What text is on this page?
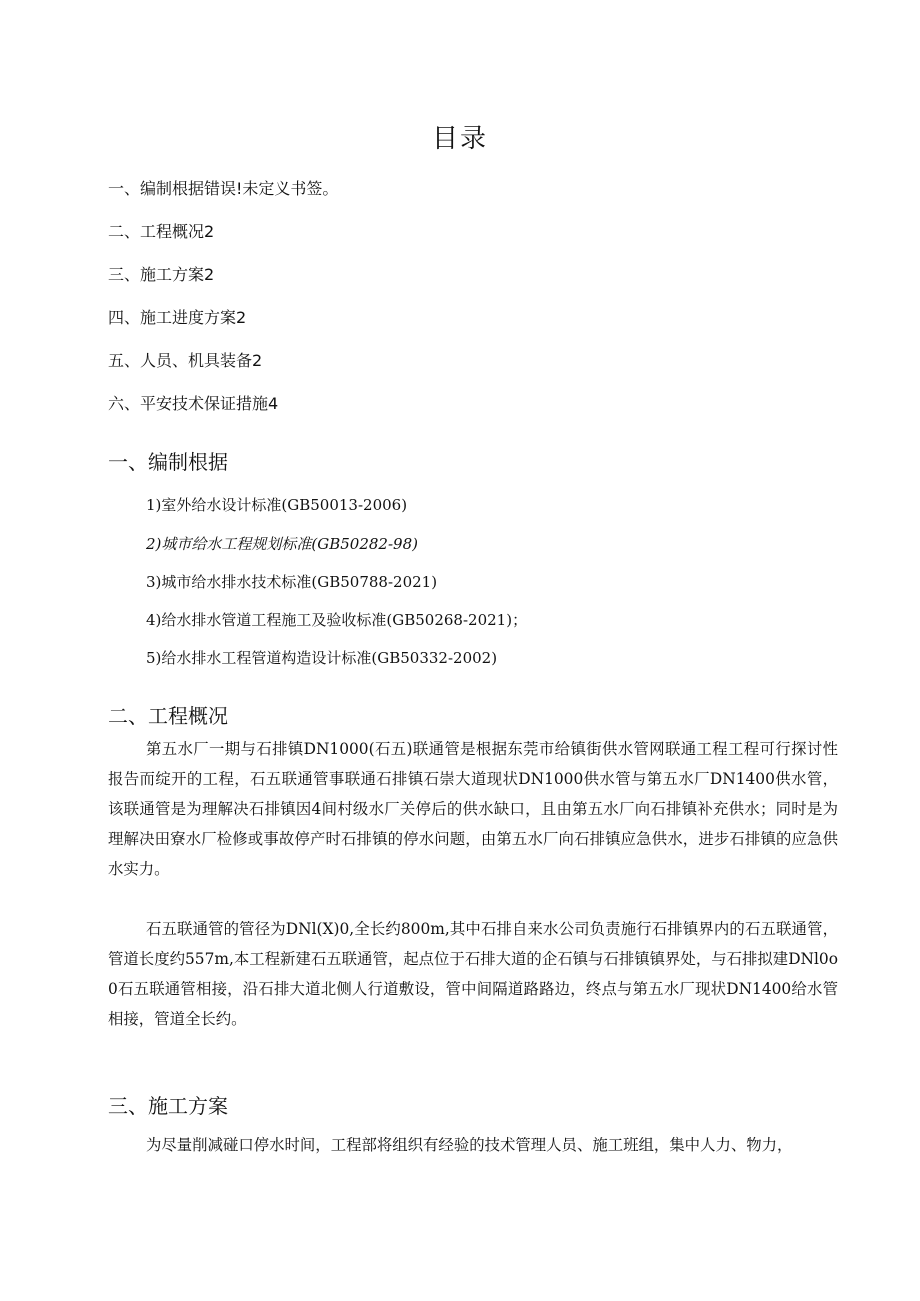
目录
一、编制根据错误!未定义书签。
二、工程概况2
三、施工方案2
四、施工进度方案2
五、人员、机具装备2
六、平安技术保证措施4
一、编制根据
1)室外给水设计标准(GB50013-2006)
2)城市给水工程规划标准(GB50282-98)
3)城市给水排水技术标准(GB50788-2021)
4)给水排水管道工程施工及验收标准(GB50268-2021)；
5)给水排水工程管道构造设计标准(GB50332-2002)
二、工程概况
第五水厂一期与石排镇DN1000(石五)联通管是根据东莞市给镇街供水管网联通工程工程可行探讨性报告而绽开的工程，石五联通管事联通石排镇石崇大道现状DN1000供水管与第五水厂DN1400供水管，该联通管是为理解决石排镇因4间村级水厂关停后的供水缺口，且由第五水厂向石排镇补充供水；同时是为理解决田寮水厂检修或事故停产时石排镇的停水问题，由第五水厂向石排镇应急供水，进步石排镇的应急供水实力。
石五联通管的管径为DNl(X)0,全长约800m,其中石排自来水公司负责施行石排镇界内的石五联通管，管道长度约557m,本工程新建石五联通管，起点位于石排大道的企石镇与石排镇镇界处，与石排拟建DNl0o0石五联通管相接，沿石排大道北侧人行道敷设，管中间隔道路路边，终点与第五水厂现状DN1400给水管相接，管道全长约。
三、施工方案
为尽量削减碰口停水时间，工程部将组织有经验的技术管理人员、施工班组，集中人力、物力，
